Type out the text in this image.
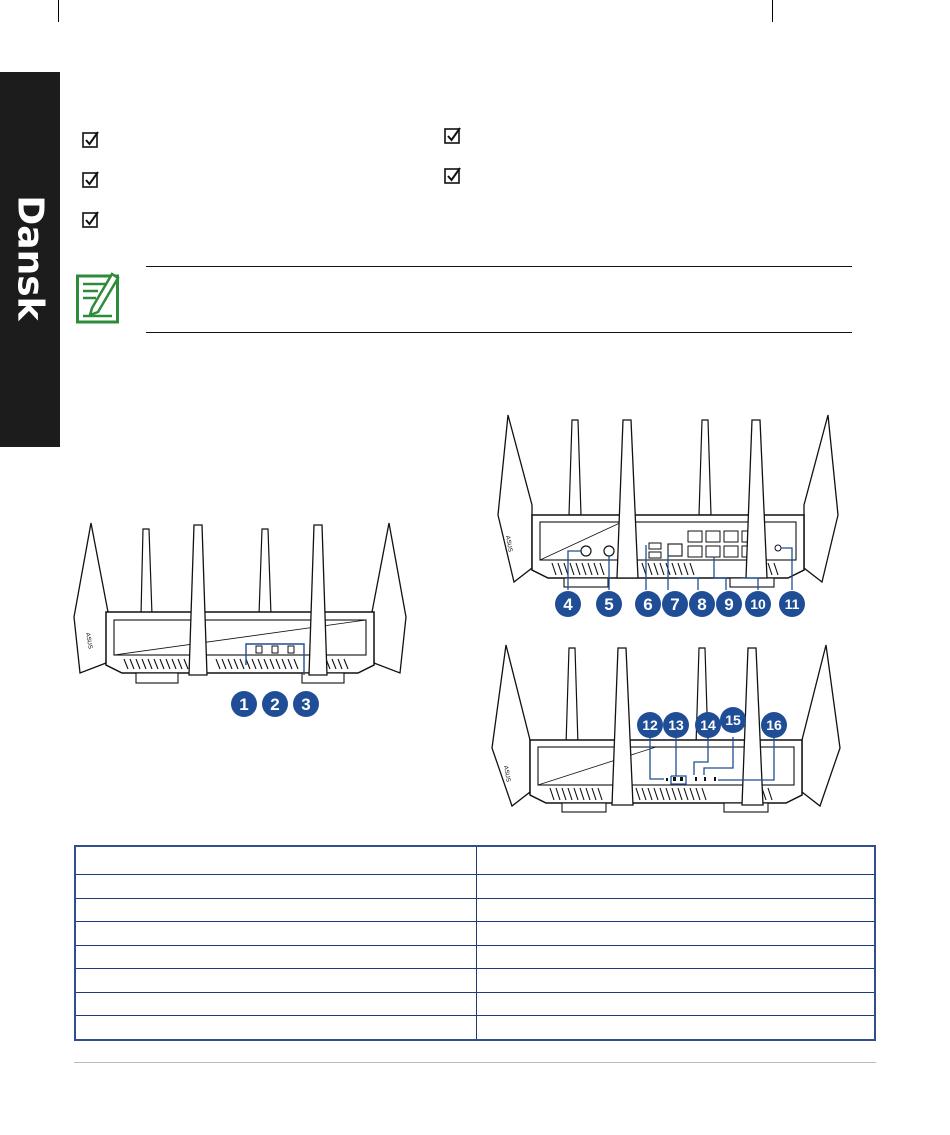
Dansk
ASUS
1 2 3
ASUS
4 5 6 7 8 9 10 11
ASUS
12 13 14 15 16
